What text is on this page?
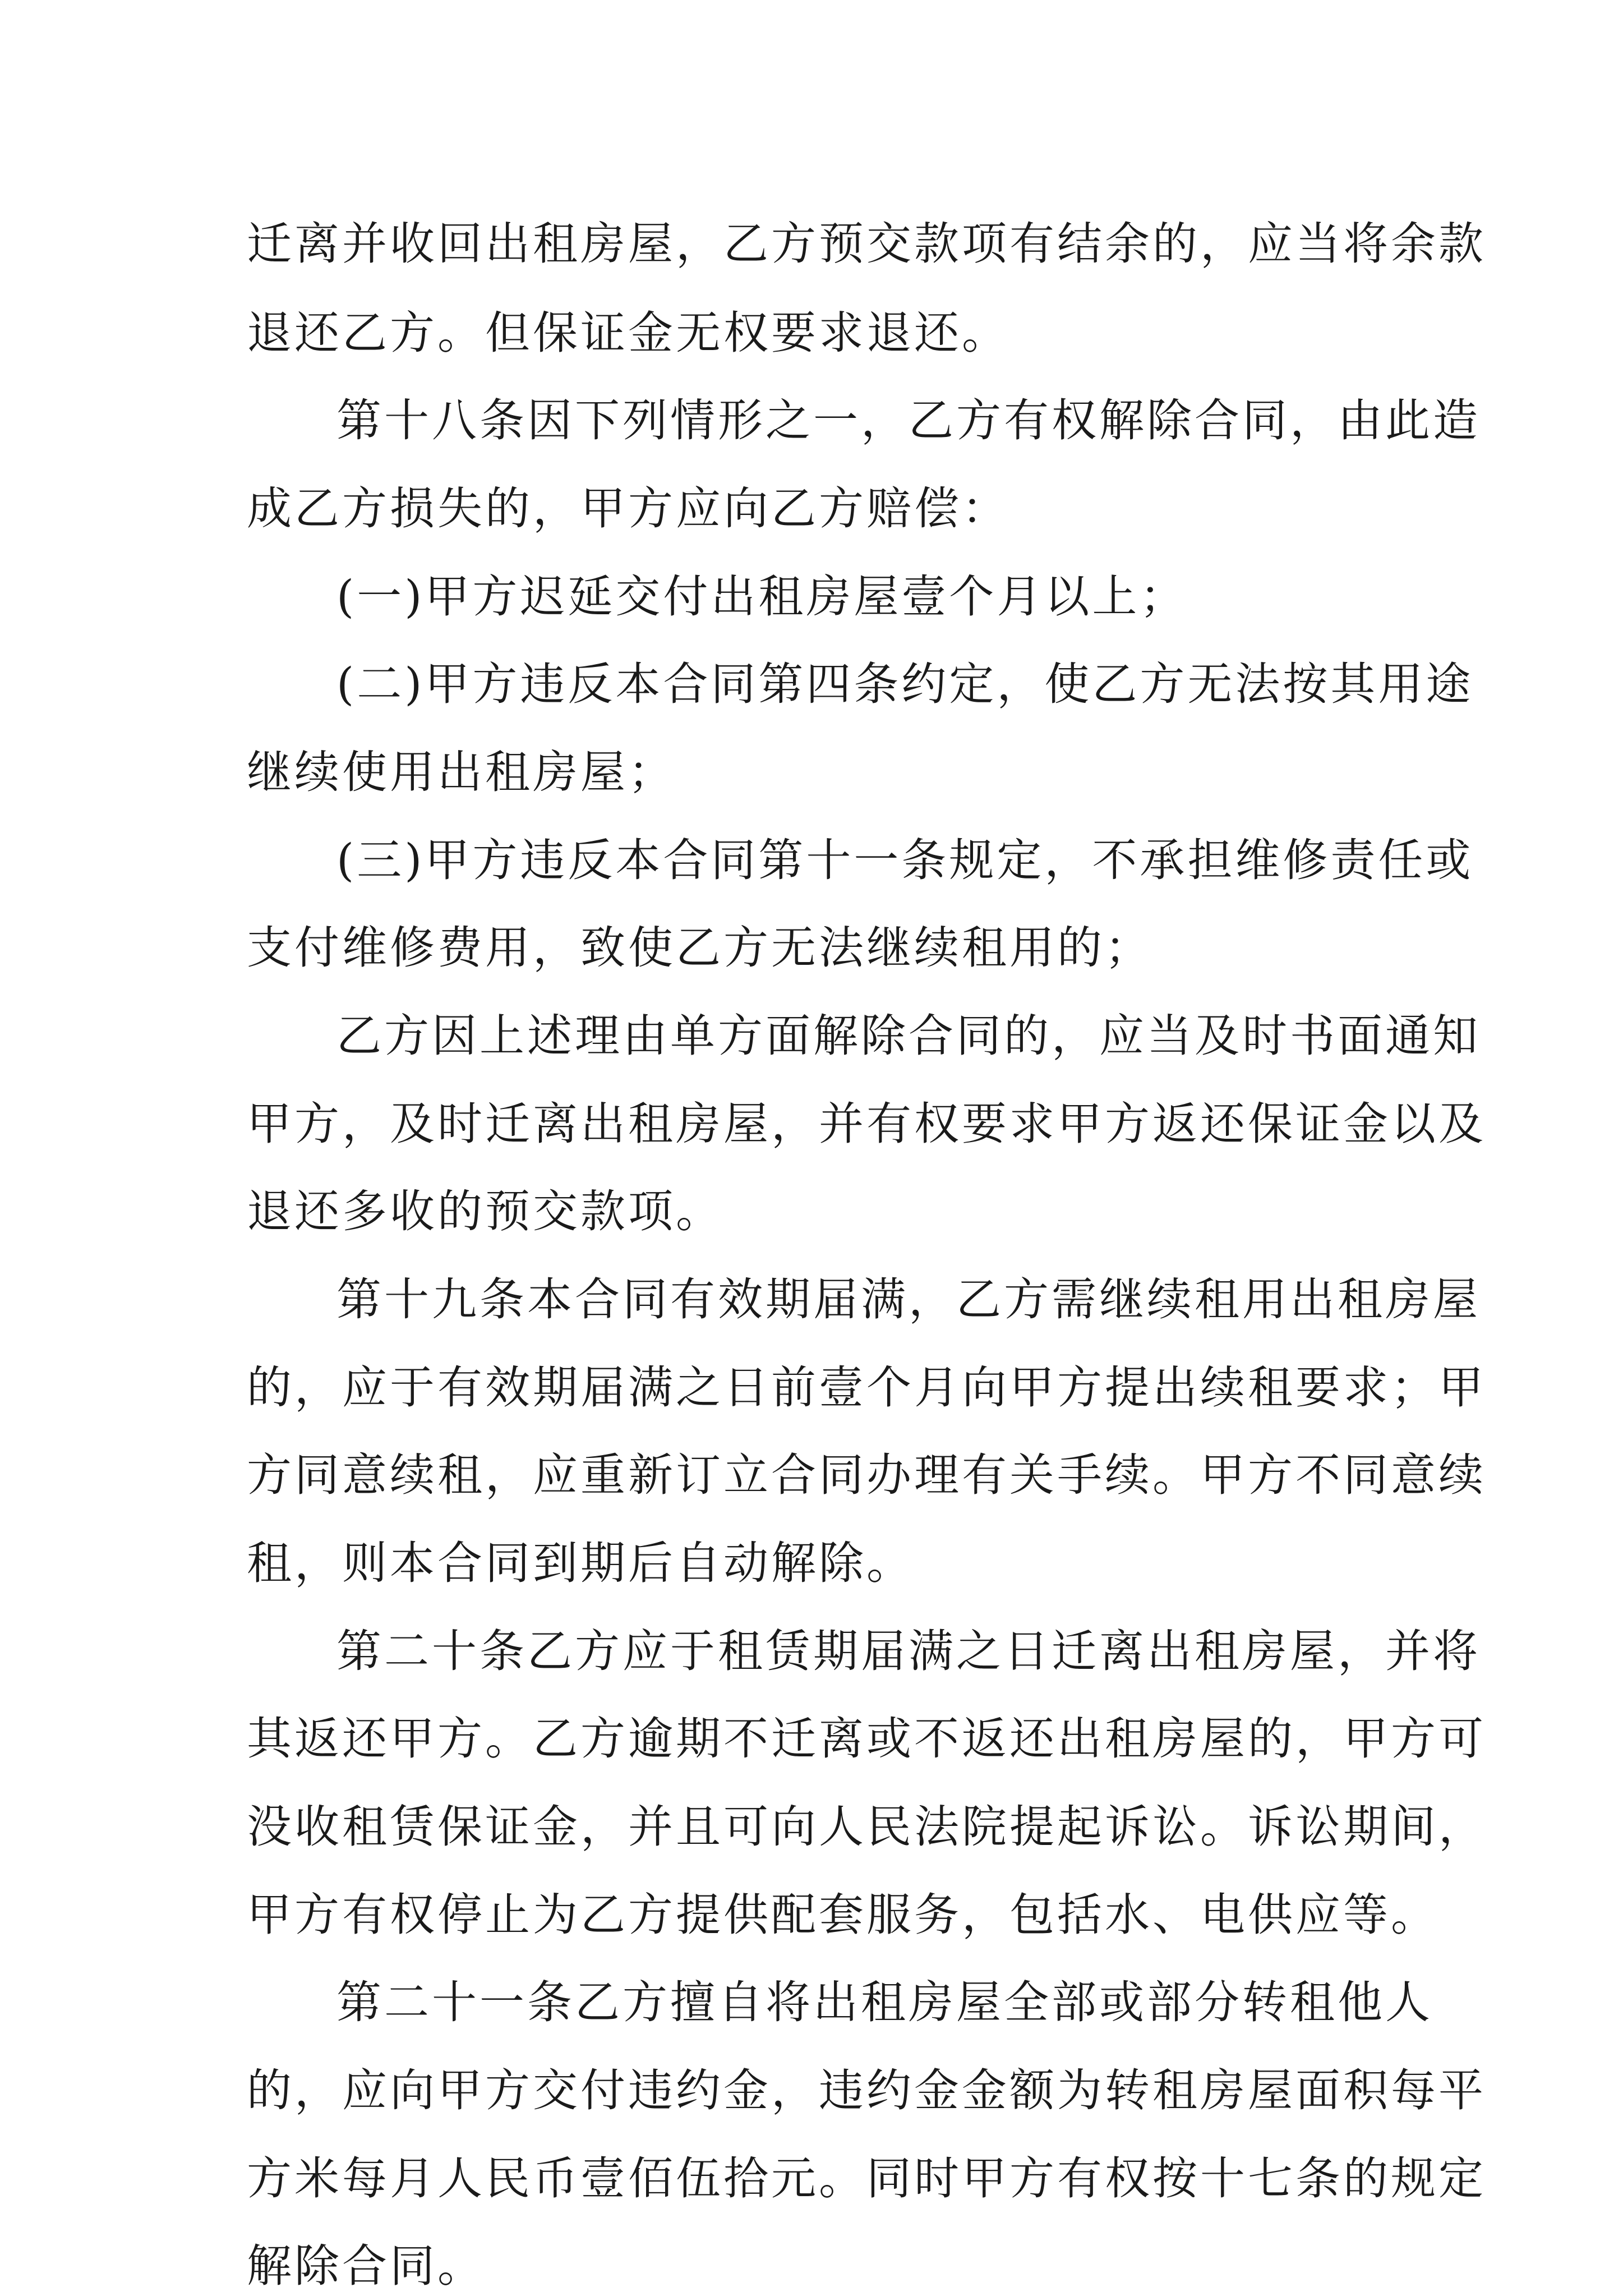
迁离并收回出租房屋，乙方预交款项有结余的，应当将余款
退还乙方。但保证金无权要求退还。
第十八条因下列情形之一，乙方有权解除合同，由此造
成乙方损失的，甲方应向乙方赔偿：
(一)甲方迟延交付出租房屋壹个月以上；
(二)甲方违反本合同第四条约定，使乙方无法按其用途
继续使用出租房屋；
(三)甲方违反本合同第十一条规定，不承担维修责任或
支付维修费用，致使乙方无法继续租用的；
乙方因上述理由单方面解除合同的，应当及时书面通知
甲方，及时迁离出租房屋，并有权要求甲方返还保证金以及
退还多收的预交款项。
第十九条本合同有效期届满，乙方需继续租用出租房屋
的，应于有效期届满之日前壹个月向甲方提出续租要求；甲
方同意续租，应重新订立合同办理有关手续。甲方不同意续
租，则本合同到期后自动解除。
第二十条乙方应于租赁期届满之日迁离出租房屋，并将
其返还甲方。乙方逾期不迁离或不返还出租房屋的，甲方可
没收租赁保证金，并且可向人民法院提起诉讼。诉讼期间，
甲方有权停止为乙方提供配套服务，包括水、电供应等。
第二十一条乙方擅自将出租房屋全部或部分转租他人
的，应向甲方交付违约金，违约金金额为转租房屋面积每平
方米每月人民币壹佰伍拾元。同时甲方有权按十七条的规定
解除合同。
